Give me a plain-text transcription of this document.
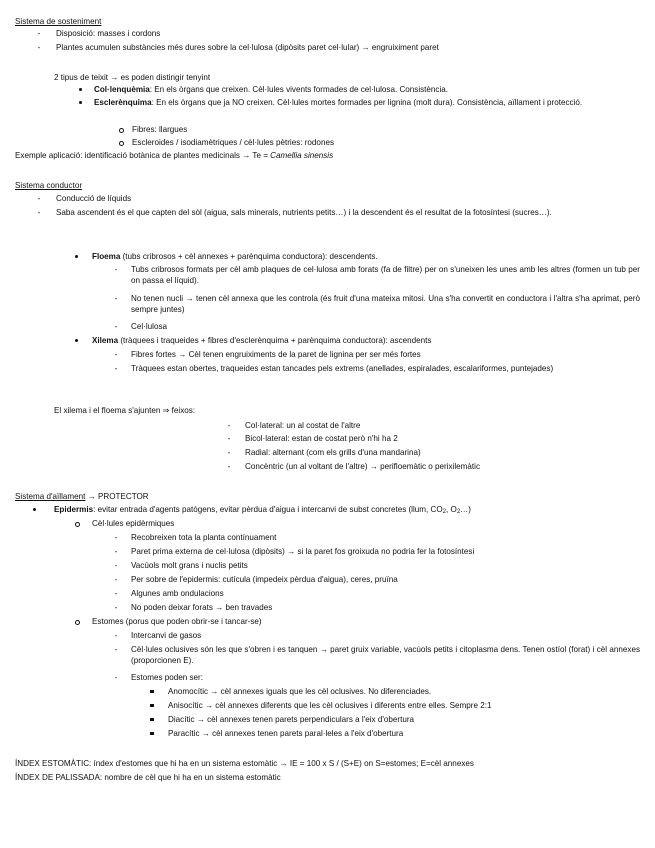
Sistema de sosteniment
- Disposició: masses i cordons
- Plantes acumulen substàncies més dures sobre la cel·lulosa (dipòsits paret cel·lular) → engruiximent paret
2 tipus de teixit → es poden distingir tenyint
Col·lenquèmia: En els òrgans que creixen. Cèl·lules vivents formades de cel·lulosa. Consistència.
Esclerènquima: En els òrgans que ja NO creixen. Cèl·lules mortes formades per lignina (molt dura). Consistència, aïllament i protecció.
Fibres: llargues
Escleroides / isodiamètriques / cèl·lules pètries: rodones
Exemple aplicació: identificació botànica de plantes medicinals → Te = Camellia sinensis
Sistema conductor
- Conducció de líquids
- Saba ascendent és el que capten del sòl (aigua, sals minerals, nutrients petits…) i la descendent és el resultat de la fotosíntesi (sucres…).
Floema (tubs cribrosos + cèl annexes + parènquima conductora): descendents.
- Tubs cribrosos formats per cèl amb plaques de cel·lulosa amb forats (fa de filtre) per on s'uneixen les unes amb les altres (formen un tub per on passa el líquid).
- No tenen nucli → tenen cèl annexa que les controla (és fruit d'una mateixa mitosi. Una s'ha convertit en conductora i l'altra s'ha aprimat, però sempre juntes)
- Cel·lulosa
Xilema (tràquees i traqueides + fibres d'esclerènquima + parènquima conductora): ascendents
- Fibres fortes → Cèl tenen engruiximents de la paret de lignina per ser més fortes
- Tràquees estan obertes, traqueides estan tancades pels extrems (anellades, espiralades, escalariformes, puntejades)
El xilema i el floema s'ajunten ⇒ feixos:
- Col·lateral: un al costat de l'altre
- Bicol·lateral: estan de costat però n'hi ha 2
- Radial: alternant (com els grills d'una mandarina)
- Concèntric (un al voltant de l'altre) → perifloemàtic o perixilemàtic
Sistema d'aïllament → PROTECTOR
Epidermis: evitar entrada d'agents patògens, evitar pèrdua d'aigua i intercanvi de subst concretes (llum, $CO_2$, $O_2\dots$)
Cèl·lules epidèrmiques
- Recobreixen tota la planta contínuament
- Paret prima externa de cel·lulosa (dipòsits) → si la paret fos groixuda no podria fer la fotosíntesi
- Vacúols molt grans i nuclis petits
- Per sobre de l'epidermis: cutícula (impedeix pèrdua d'aigua), ceres, pruïna
- Algunes amb ondulacions
- No poden deixar forats → ben travades
Estomes (porus que poden obrir-se i tancar-se)
- Intercanvi de gasos
- Cèl·lules oclusives són les que s'obren i es tanquen → paret gruix variable, vacúols petits i citoplasma dens. Tenen ostíol (forat) i cèl annexes (proporcionen E).
- Estomes poden ser:
Anomocític → cèl annexes iguals que les cèl oclusives. No diferenciades.
Anisocític → cèl annexes diferents que les cèl oclusives i diferents entre elles. Sempre 2:1
Diacític → cèl annexes tenen parets perpendiculars a l'eix d'obertura
Paracític → cèl annexes tenen parets paral·leles a l'eix d'obertura
ÍNDEX ESTOMÀTIC: índex d'estomes que hi ha en un sistema estomàtic → IE = 100 x S / (S+E) on S=estomes; E=cèl annexes
ÍNDEX DE PALISSADA: nombre de cèl que hi ha en un sistema estomàtic
